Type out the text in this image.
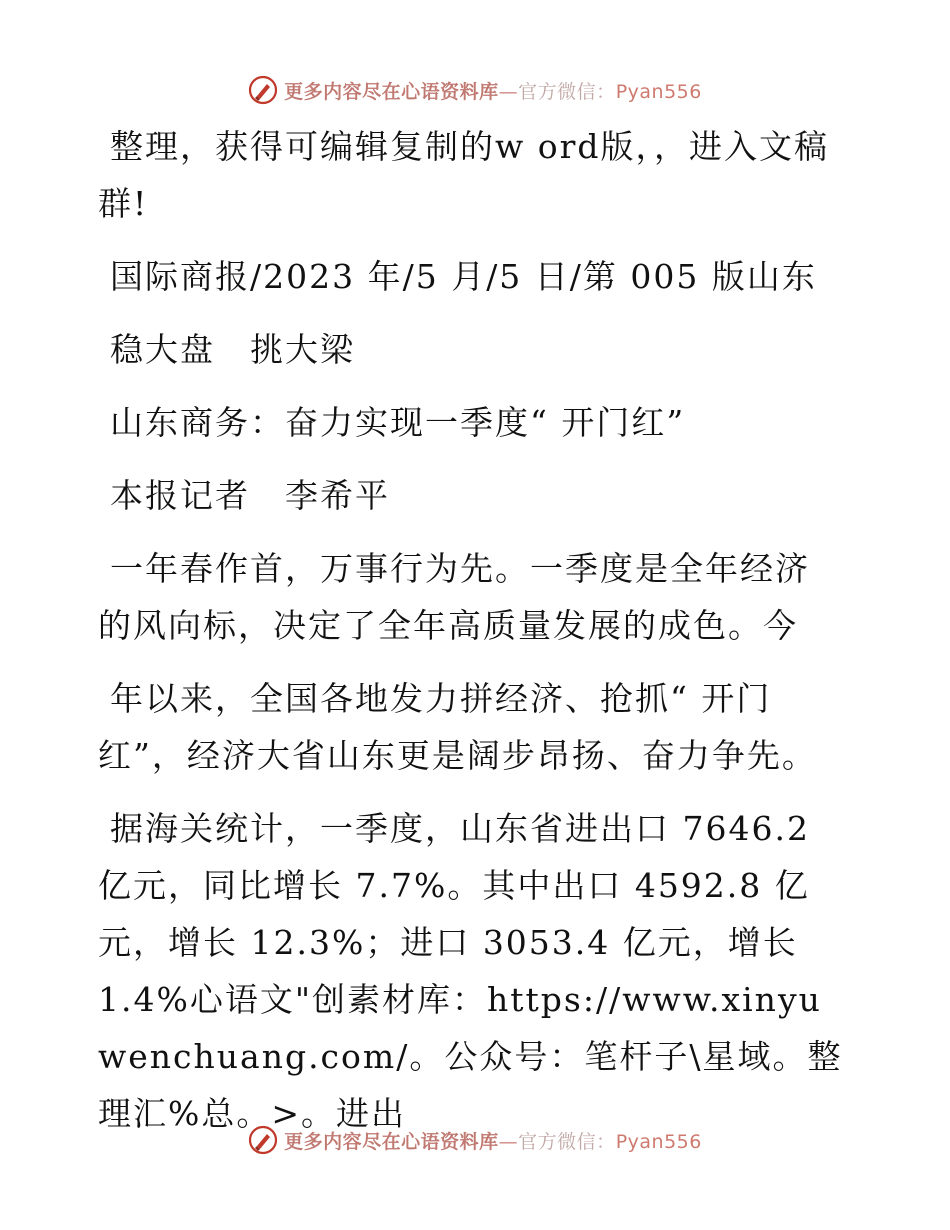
更多内容尽在心语资料库—官方微信：Pyan556

整理，获得可编辑复制的w ord版，，进入文稿群!

国际商报/2023 年/5 月/5 日/第 005 版山东

稳大盘　挑大梁

山东商务：奋力实现一季度“ 开门红”

本报记者　李希平

一年春作首，万事行为先。一季度是全年经济的风向标，决定了全年高质量发展的成色。今

年以来，全国各地发力拼经济、抢抓“ 开门红”，经济大省山东更是阔步昂扬、奋力争先。

据海关统计，一季度，山东省进出口 7646.2 亿元，同比增长 7.7%。其中出口 4592.8 亿元，增长 12.3%；进口 3053.4 亿元，增长 1.4%心语文"创素材库：https://www.xinyuwenchuang.com/。公众号：笔杆子\星域。整理汇%总。>。进出

更多内容尽在心语资料库—官方微信：Pyan556
